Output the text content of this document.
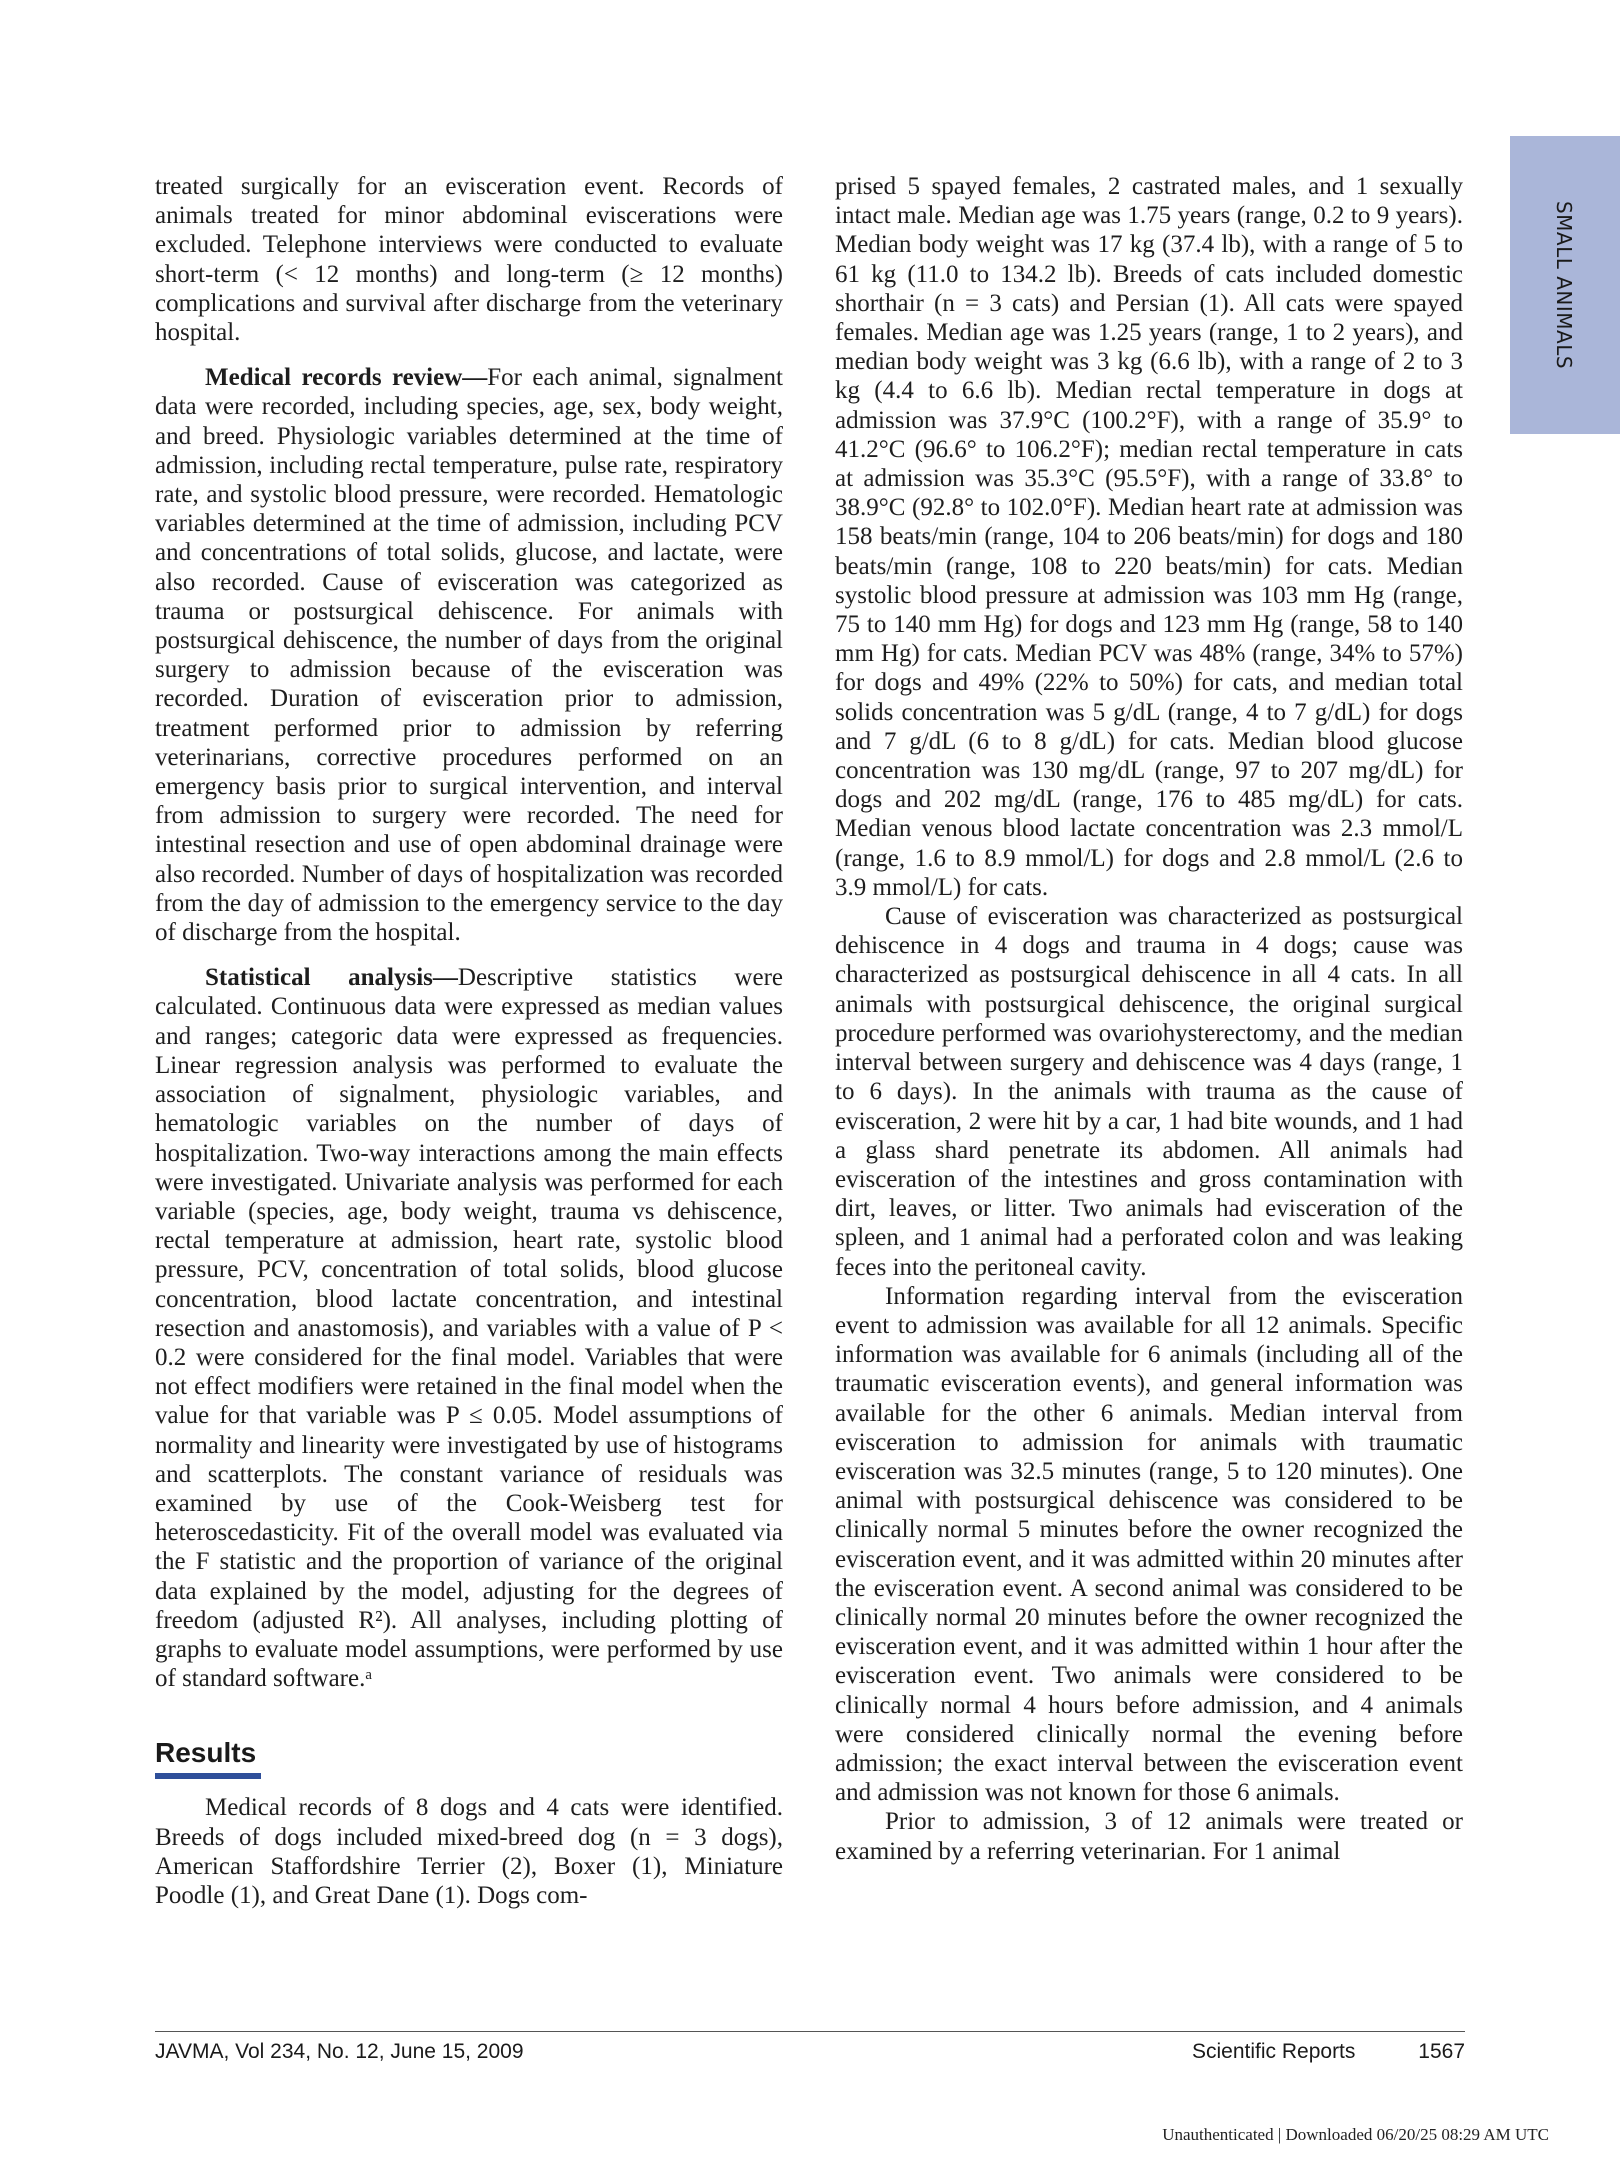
SMALL ANIMALS

treated surgically for an evisceration event. Records of animals treated for minor abdominal eviscerations were excluded. Telephone interviews were conducted to evaluate short-term (< 12 months) and long-term (≥ 12 months) complications and survival after discharge from the veterinary hospital.

Medical records review—For each animal, signalment data were recorded, including species, age, sex, body weight, and breed. Physiologic variables determined at the time of admission, including rectal temperature, pulse rate, respiratory rate, and systolic blood pressure, were recorded. Hematologic variables determined at the time of admission, including PCV and concentrations of total solids, glucose, and lactate, were also recorded. Cause of evisceration was categorized as trauma or postsurgical dehiscence. For animals with postsurgical dehiscence, the number of days from the original surgery to admission because of the evisceration was recorded. Duration of evisceration prior to admission, treatment performed prior to admission by referring veterinarians, corrective procedures performed on an emergency basis prior to surgical intervention, and interval from admission to surgery were recorded. The need for intestinal resection and use of open abdominal drainage were also recorded. Number of days of hospitalization was recorded from the day of admission to the emergency service to the day of discharge from the hospital.

Statistical analysis—Descriptive statistics were calculated. Continuous data were expressed as median values and ranges; categoric data were expressed as frequencies. Linear regression analysis was performed to evaluate the association of signalment, physiologic variables, and hematologic variables on the number of days of hospitalization. Two-way interactions among the main effects were investigated. Univariate analysis was performed for each variable (species, age, body weight, trauma vs dehiscence, rectal temperature at admission, heart rate, systolic blood pressure, PCV, concentration of total solids, blood glucose concentration, blood lactate concentration, and intestinal resection and anastomosis), and variables with a value of P < 0.2 were considered for the final model. Variables that were not effect modifiers were retained in the final model when the value for that variable was P ≤ 0.05. Model assumptions of normality and linearity were investigated by use of histograms and scatterplots. The constant variance of residuals was examined by use of the Cook-Weisberg test for heteroscedasticity. Fit of the overall model was evaluated via the F statistic and the proportion of variance of the original data explained by the model, adjusting for the degrees of freedom (adjusted R²). All analyses, including plotting of graphs to evaluate model assumptions, were performed by use of standard software.ᵃ

Results

Medical records of 8 dogs and 4 cats were identified. Breeds of dogs included mixed-breed dog (n = 3 dogs), American Staffordshire Terrier (2), Boxer (1), Miniature Poodle (1), and Great Dane (1). Dogs com-

prised 5 spayed females, 2 castrated males, and 1 sexually intact male. Median age was 1.75 years (range, 0.2 to 9 years). Median body weight was 17 kg (37.4 lb), with a range of 5 to 61 kg (11.0 to 134.2 lb). Breeds of cats included domestic shorthair (n = 3 cats) and Persian (1). All cats were spayed females. Median age was 1.25 years (range, 1 to 2 years), and median body weight was 3 kg (6.6 lb), with a range of 2 to 3 kg (4.4 to 6.6 lb). Median rectal temperature in dogs at admission was 37.9°C (100.2°F), with a range of 35.9° to 41.2°C (96.6° to 106.2°F); median rectal temperature in cats at admission was 35.3°C (95.5°F), with a range of 33.8° to 38.9°C (92.8° to 102.0°F). Median heart rate at admission was 158 beats/min (range, 104 to 206 beats/min) for dogs and 180 beats/min (range, 108 to 220 beats/min) for cats. Median systolic blood pressure at admission was 103 mm Hg (range, 75 to 140 mm Hg) for dogs and 123 mm Hg (range, 58 to 140 mm Hg) for cats. Median PCV was 48% (range, 34% to 57%) for dogs and 49% (22% to 50%) for cats, and median total solids concentration was 5 g/dL (range, 4 to 7 g/dL) for dogs and 7 g/dL (6 to 8 g/dL) for cats. Median blood glucose concentration was 130 mg/dL (range, 97 to 207 mg/dL) for dogs and 202 mg/dL (range, 176 to 485 mg/dL) for cats. Median venous blood lactate concentration was 2.3 mmol/L (range, 1.6 to 8.9 mmol/L) for dogs and 2.8 mmol/L (2.6 to 3.9 mmol/L) for cats.

Cause of evisceration was characterized as postsurgical dehiscence in 4 dogs and trauma in 4 dogs; cause was characterized as postsurgical dehiscence in all 4 cats. In all animals with postsurgical dehiscence, the original surgical procedure performed was ovariohysterectomy, and the median interval between surgery and dehiscence was 4 days (range, 1 to 6 days). In the animals with trauma as the cause of evisceration, 2 were hit by a car, 1 had bite wounds, and 1 had a glass shard penetrate its abdomen. All animals had evisceration of the intestines and gross contamination with dirt, leaves, or litter. Two animals had evisceration of the spleen, and 1 animal had a perforated colon and was leaking feces into the peritoneal cavity.

Information regarding interval from the evisceration event to admission was available for all 12 animals. Specific information was available for 6 animals (including all of the traumatic evisceration events), and general information was available for the other 6 animals. Median interval from evisceration to admission for animals with traumatic evisceration was 32.5 minutes (range, 5 to 120 minutes). One animal with postsurgical dehiscence was considered to be clinically normal 5 minutes before the owner recognized the evisceration event, and it was admitted within 20 minutes after the evisceration event. A second animal was considered to be clinically normal 20 minutes before the owner recognized the evisceration event, and it was admitted within 1 hour after the evisceration event. Two animals were considered to be clinically normal 4 hours before admission, and 4 animals were considered clinically normal the evening before admission; the exact interval between the evisceration event and admission was not known for those 6 animals.

Prior to admission, 3 of 12 animals were treated or examined by a referring veterinarian. For 1 animal

JAVMA, Vol 234, No. 12, June 15, 2009	Scientific Reports	1567
Unauthenticated | Downloaded 06/20/25 08:29 AM UTC
